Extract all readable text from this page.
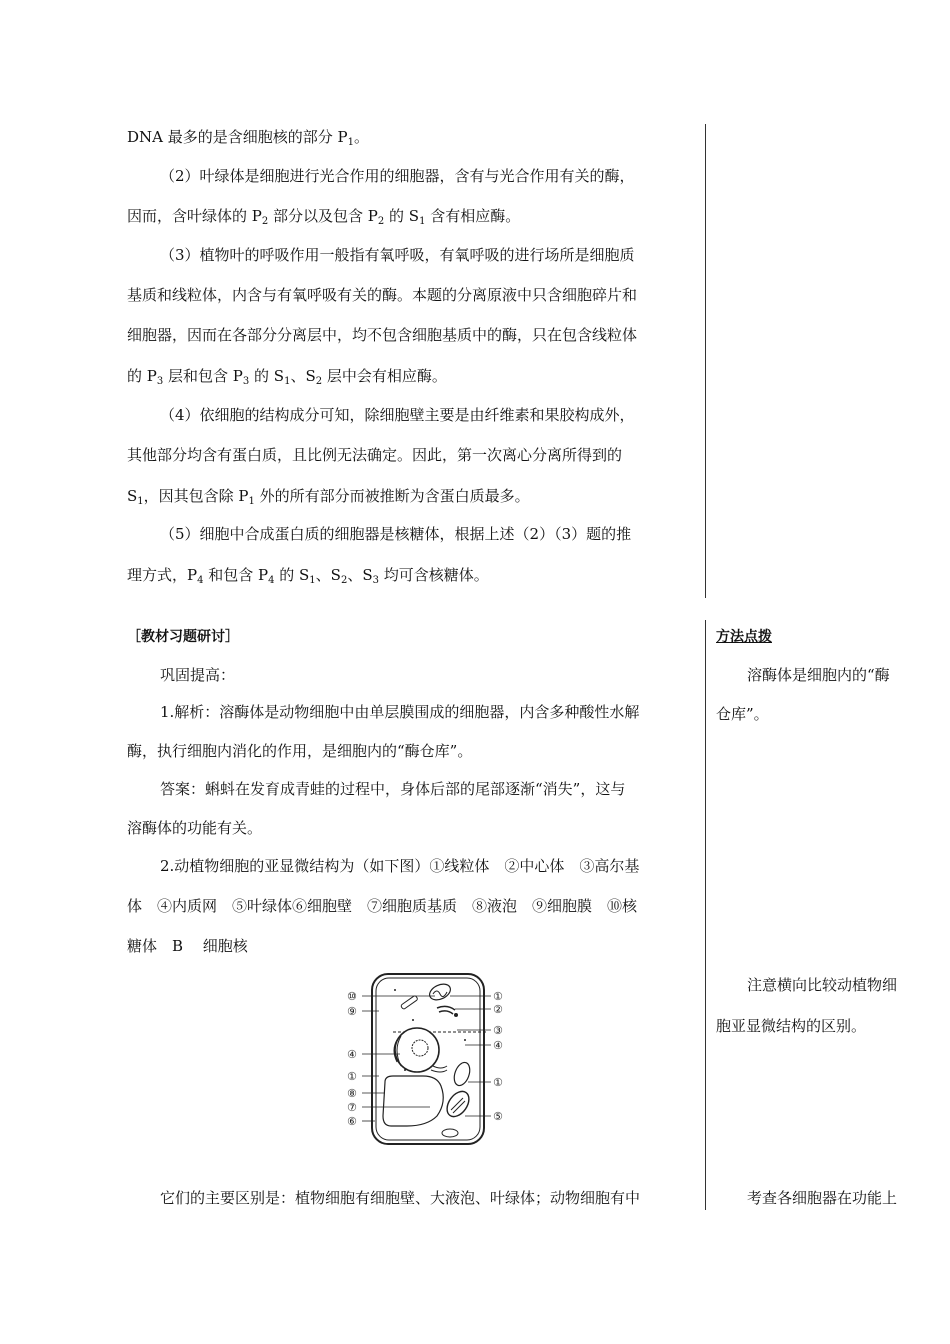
DNA 最多的是含细胞核的部分 $P_1$。
（2）叶绿体是细胞进行光合作用的细胞器，含有与光合作用有关的酶，
因而，含叶绿体的 $P_2$ 部分以及包含 $P_2$ 的 $S_1$ 含有相应酶。
（3）植物叶的呼吸作用一般指有氧呼吸，有氧呼吸的进行场所是细胞质
基质和线粒体，内含与有氧呼吸有关的酶。本题的分离原液中只含细胞碎片和
细胞器，因而在各部分分离层中，均不包含细胞基质中的酶，只在包含线粒体
的 $P_3$ 层和包含 $P_3$ 的 $S_1$、$S_2$ 层中会有相应酶。
（4）依细胞的结构成分可知，除细胞壁主要是由纤维素和果胶构成外，
其他部分均含有蛋白质，且比例无法确定。因此，第一次离心分离所得到的
$S_1$，因其包含除 $P_1$ 外的所有部分而被推断为含蛋白质最多。
（5）细胞中合成蛋白质的细胞器是核糖体，根据上述（2）（3）题的推
理方式，$P_4$ 和包含 $P_4$ 的 $S_1$、$S_2$、$S_3$ 均可含核糖体。
［教材习题研讨］
巩固提高：
1.解析：溶酶体是动物细胞中由单层膜围成的细胞器，内含多种酸性水解
酶，执行细胞内消化的作用，是细胞内的“酶仓库”。
答案：蝌蚪在发育成青蛙的过程中，身体后部的尾部逐渐“消失”，这与
溶酶体的功能有关。
2.动植物细胞的亚显微结构为（如下图）①线粒体　②中心体　③高尔基
体　④内质网　⑤叶绿体⑥细胞壁　⑦细胞质基质　⑧液泡　⑨细胞膜　⑩核
糖体　B　 细胞核
⑩
⑨
④
①
⑧
⑦
⑥
①
②
③
④
①
⑤
它们的主要区别是：植物细胞有细胞壁、大液泡、叶绿体；动物细胞有中
方法点拨
溶酶体是细胞内的“酶
仓库”。
注意横向比较动植物细
胞亚显微结构的区别。
考查各细胞器在功能上
